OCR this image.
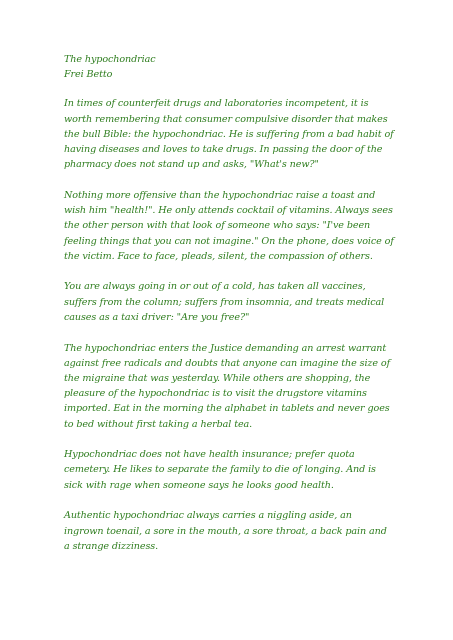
The hypochondriac
Frei Betto

In times of counterfeit drugs and laboratories incompetent, it is worth remembering that consumer compulsive disorder that makes the bull Bible: the hypochondriac. He is suffering from a bad habit of having diseases and loves to take drugs. In passing the door of the pharmacy does not stand up and asks, "What's new?"

Nothing more offensive than the hypochondriac raise a toast and wish him "health!". He only attends cocktail of vitamins. Always sees the other person with that look of someone who says: "I've been feeling things that you can not imagine." On the phone, does voice of the victim. Face to face, pleads, silent, the compassion of others.

You are always going in or out of a cold, has taken all vaccines, suffers from the column; suffers from insomnia, and treats medical causes as a taxi driver: "Are you free?"

The hypochondriac enters the Justice demanding an arrest warrant against free radicals and doubts that anyone can imagine the size of the migraine that was yesterday. While others are shopping, the pleasure of the hypochondriac is to visit the drugstore vitamins imported. Eat in the morning the alphabet in tablets and never goes to bed without first taking a herbal tea.

Hypochondriac does not have health insurance; prefer quota cemetery. He likes to separate the family to die of longing. And is sick with rage when someone says he looks good health.

Authentic hypochondriac always carries a niggling aside, an ingrown toenail, a sore in the mouth, a sore throat, a back pain and a strange dizziness.
